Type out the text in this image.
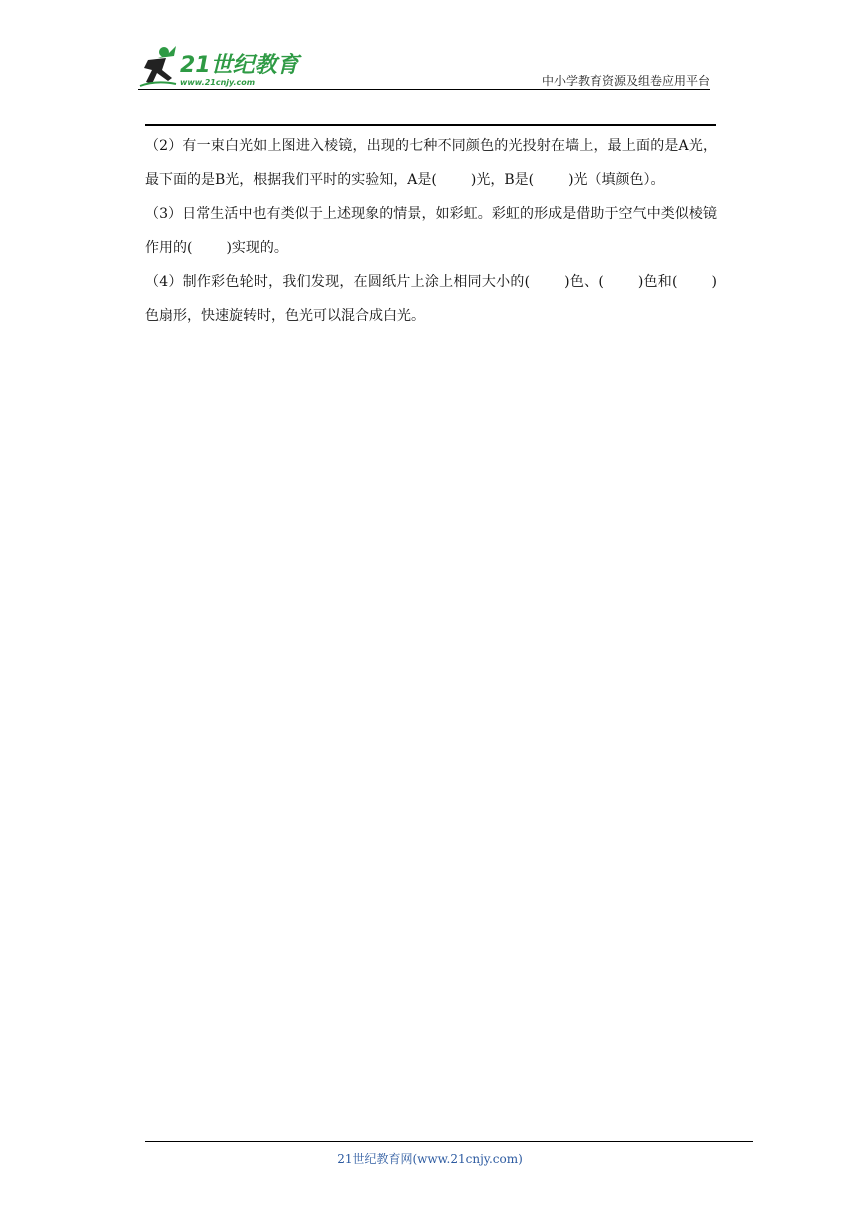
21世纪教育
www.21cnjy.com	中小学教育资源及组卷应用平台

（2）有一束白光如上图进入棱镜，出现的七种不同颜色的光投射在墙上，最上面的是A光，最下面的是B光，根据我们平时的实验知，A是( )光，B是( )光（填颜色）。

（3）日常生活中也有类似于上述现象的情景，如彩虹。彩虹的形成是借助于空气中类似棱镜作用的( )实现的。

（4）制作彩色轮时，我们发现，在圆纸片上涂上相同大小的( )色、( )色和( )色扇形，快速旋转时，色光可以混合成白光。

21世纪教育网(www.21cnjy.com)
